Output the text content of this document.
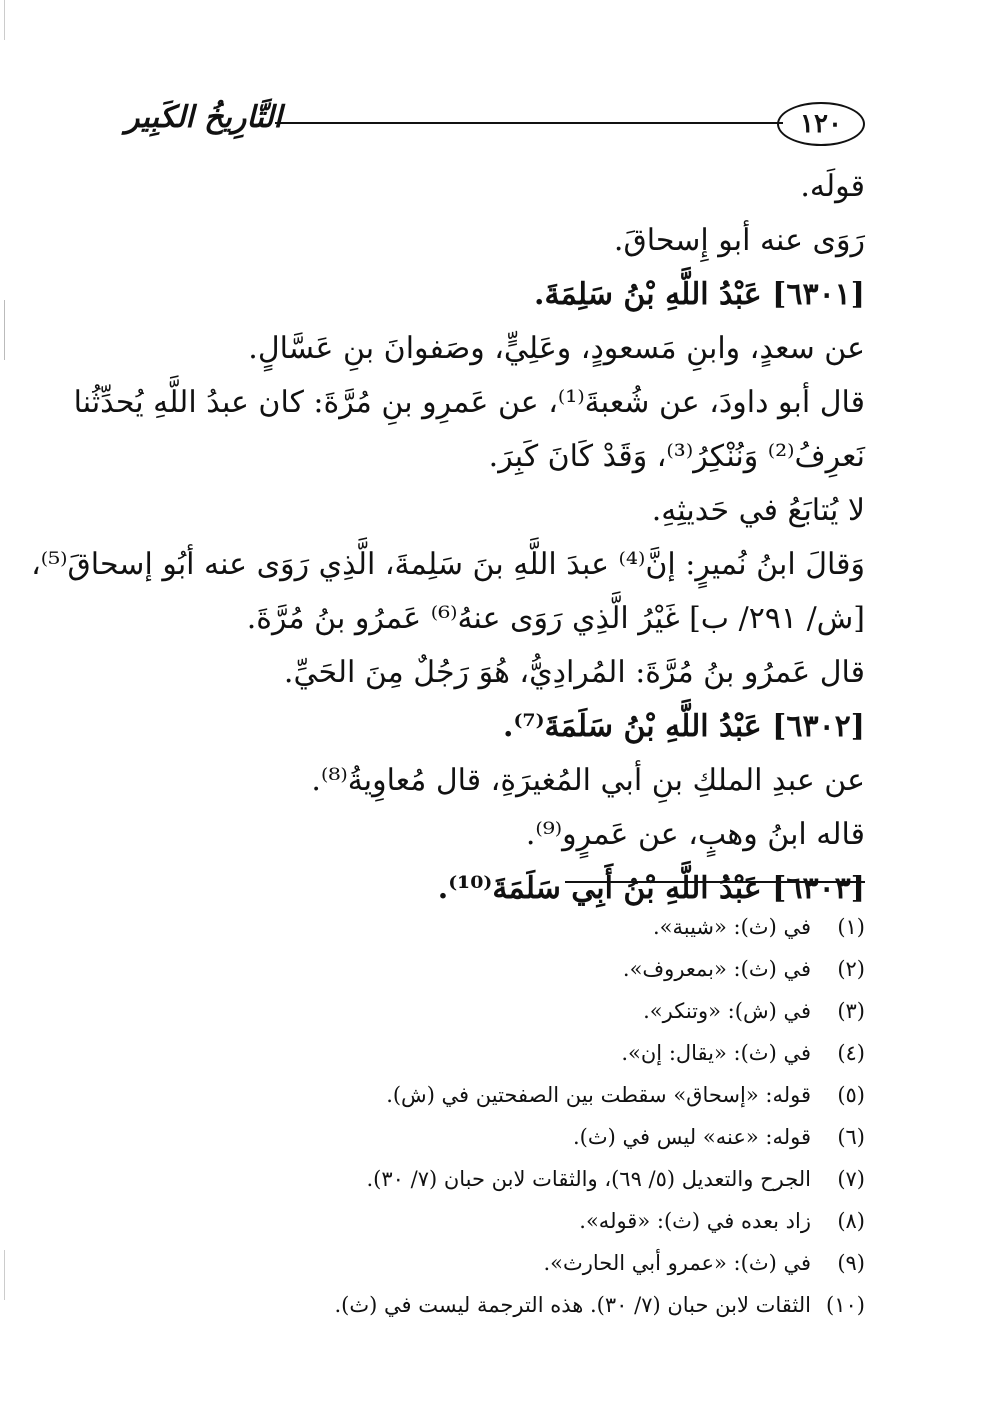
١٢٠
التَّارِيخُ الكَبِير
قولَه.
رَوَى عنه أبو إِسحاقَ.
[٦٣٠١] عَبْدُ اللَّهِ بْنُ سَلِمَةَ.
عن سعدٍ، وابنِ مَسعودٍ، وعَلِيٍّ، وصَفوانَ بنِ عَسَّالٍ.
قال أبو داودَ، عن شُعبةَ⁽¹⁾، عن عَمرِو بنِ مُرَّةَ: كان عبدُ اللَّهِ يُحدِّثُنا
نَعرِفُ⁽²⁾ وَنُنْكِرُ⁽³⁾، وَقَدْ كَانَ كَبِرَ.
لا يُتابَعُ في حَديثِهِ.
وَقالَ ابنُ نُميرٍ: إنَّ⁽⁴⁾ عبدَ اللَّهِ بنَ سَلِمةَ، الَّذِي رَوَى عنه أبُو إسحاقَ⁽⁵⁾،
[ش/ ٢٩١/ ب] غَيْرُ الَّذِي رَوَى عنهُ⁽⁶⁾ عَمرُو بنُ مُرَّةَ.
قال عَمرُو بنُ مُرَّةَ: المُرادِيُّ، هُوَ رَجُلٌ مِنَ الحَيِّ.
[٦٣٠٢] عَبْدُ اللَّهِ بْنُ سَلَمَةَ⁽⁷⁾.
عن عبدِ الملكِ بنِ أبي المُغيرَةِ، قال مُعاوِيةُ⁽⁸⁾.
قاله ابنُ وهبٍ، عن عَمرٍو⁽⁹⁾.
[٦٣٠٣] عَبْدُ اللَّهِ بْنُ أَبِي سَلَمَةَ⁽¹⁰⁾.
(١)
في (ث): «شيبة».
(٢)
في (ث): «بمعروف».
(٣)
في (ش): «وتنكر».
(٤)
في (ث): «يقال: إن».
(٥)
قوله: «إسحاق» سقطت بين الصفحتين في (ش).
(٦)
قوله: «عنه» ليس في (ث).
(٧)
الجرح والتعديل (٥/ ٦٩)، والثقات لابن حبان (٧/ ٣٠).
(٨)
زاد بعده في (ث): «قوله».
(٩)
في (ث): «عمرو أبي الحارث».
(١٠)
الثقات لابن حبان (٧/ ٣٠). هذه الترجمة ليست في (ث).
